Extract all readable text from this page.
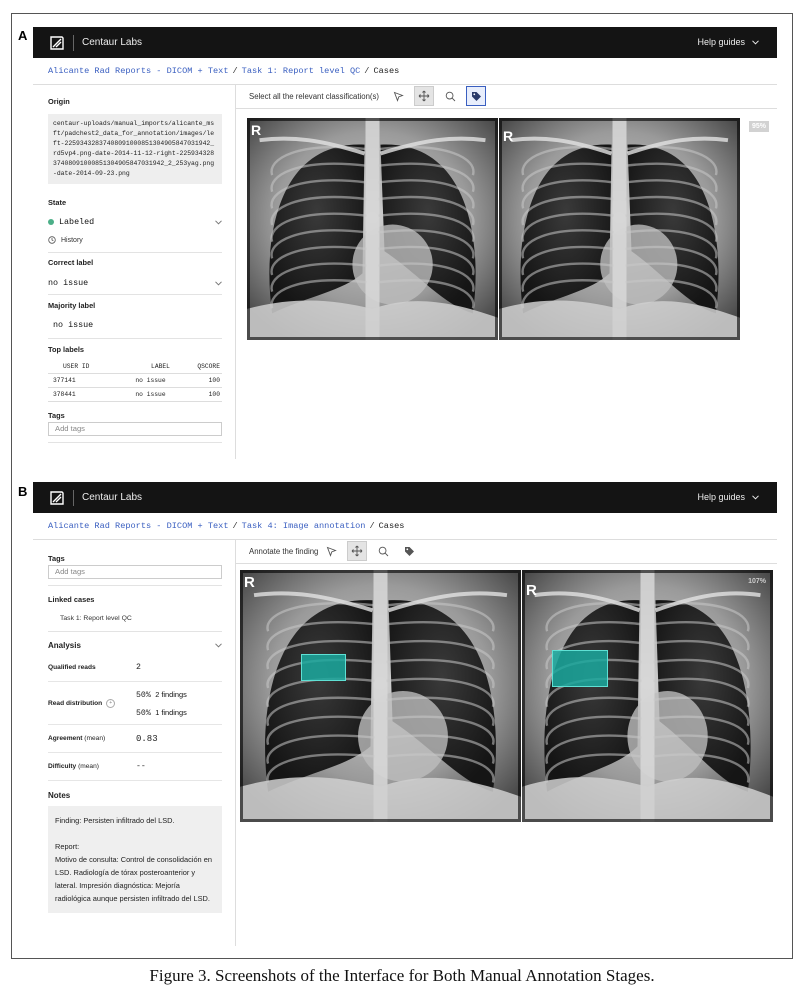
A
B
Centaur Labs	Help guides
Alicante Rad Reports - DICOM + Text / Task 1: Report level QC / Cases
Origin
centaur-uploads/manual_imports/alicante_msft/padchest2_data_for_annotation/images/left-22593432837408091000851304905847031942_rd5vp4.png-date-2014-11-12-right-22593432837408091000851304905847031942_2_253yag.png-date-2014-09-23.png
State
Labeled
History
Correct label
no issue
Majority label
no issue
Top labels
USER ID	LABEL	QSCORE
377141	no issue	100
378441	no issue	100
Tags
Add tags
Select all the relevant classification(s)
R	R
95%
Centaur Labs	Help guides
Alicante Rad Reports - DICOM + Text / Task 4: Image annotation / Cases
Tags
Add tags
Linked cases
Task 1: Report level QC
Analysis
Qualified reads	2
Read distribution	+
50% 2 findings
50% 1 findings
Agreement (mean)	0.83
Difficulty (mean)	--
Notes
Finding: Persisten infiltrado del LSD.
Report:
Motivo de consulta: Control de consolidación en LSD. Radiología de tórax posteroanterior y lateral. Impresión diagnóstica: Mejoría radiológica aunque persisten infiltrado del LSD.
Annotate the finding
R	R
107%
Figure 3. Screenshots of the Interface for Both Manual Annotation Stages.
